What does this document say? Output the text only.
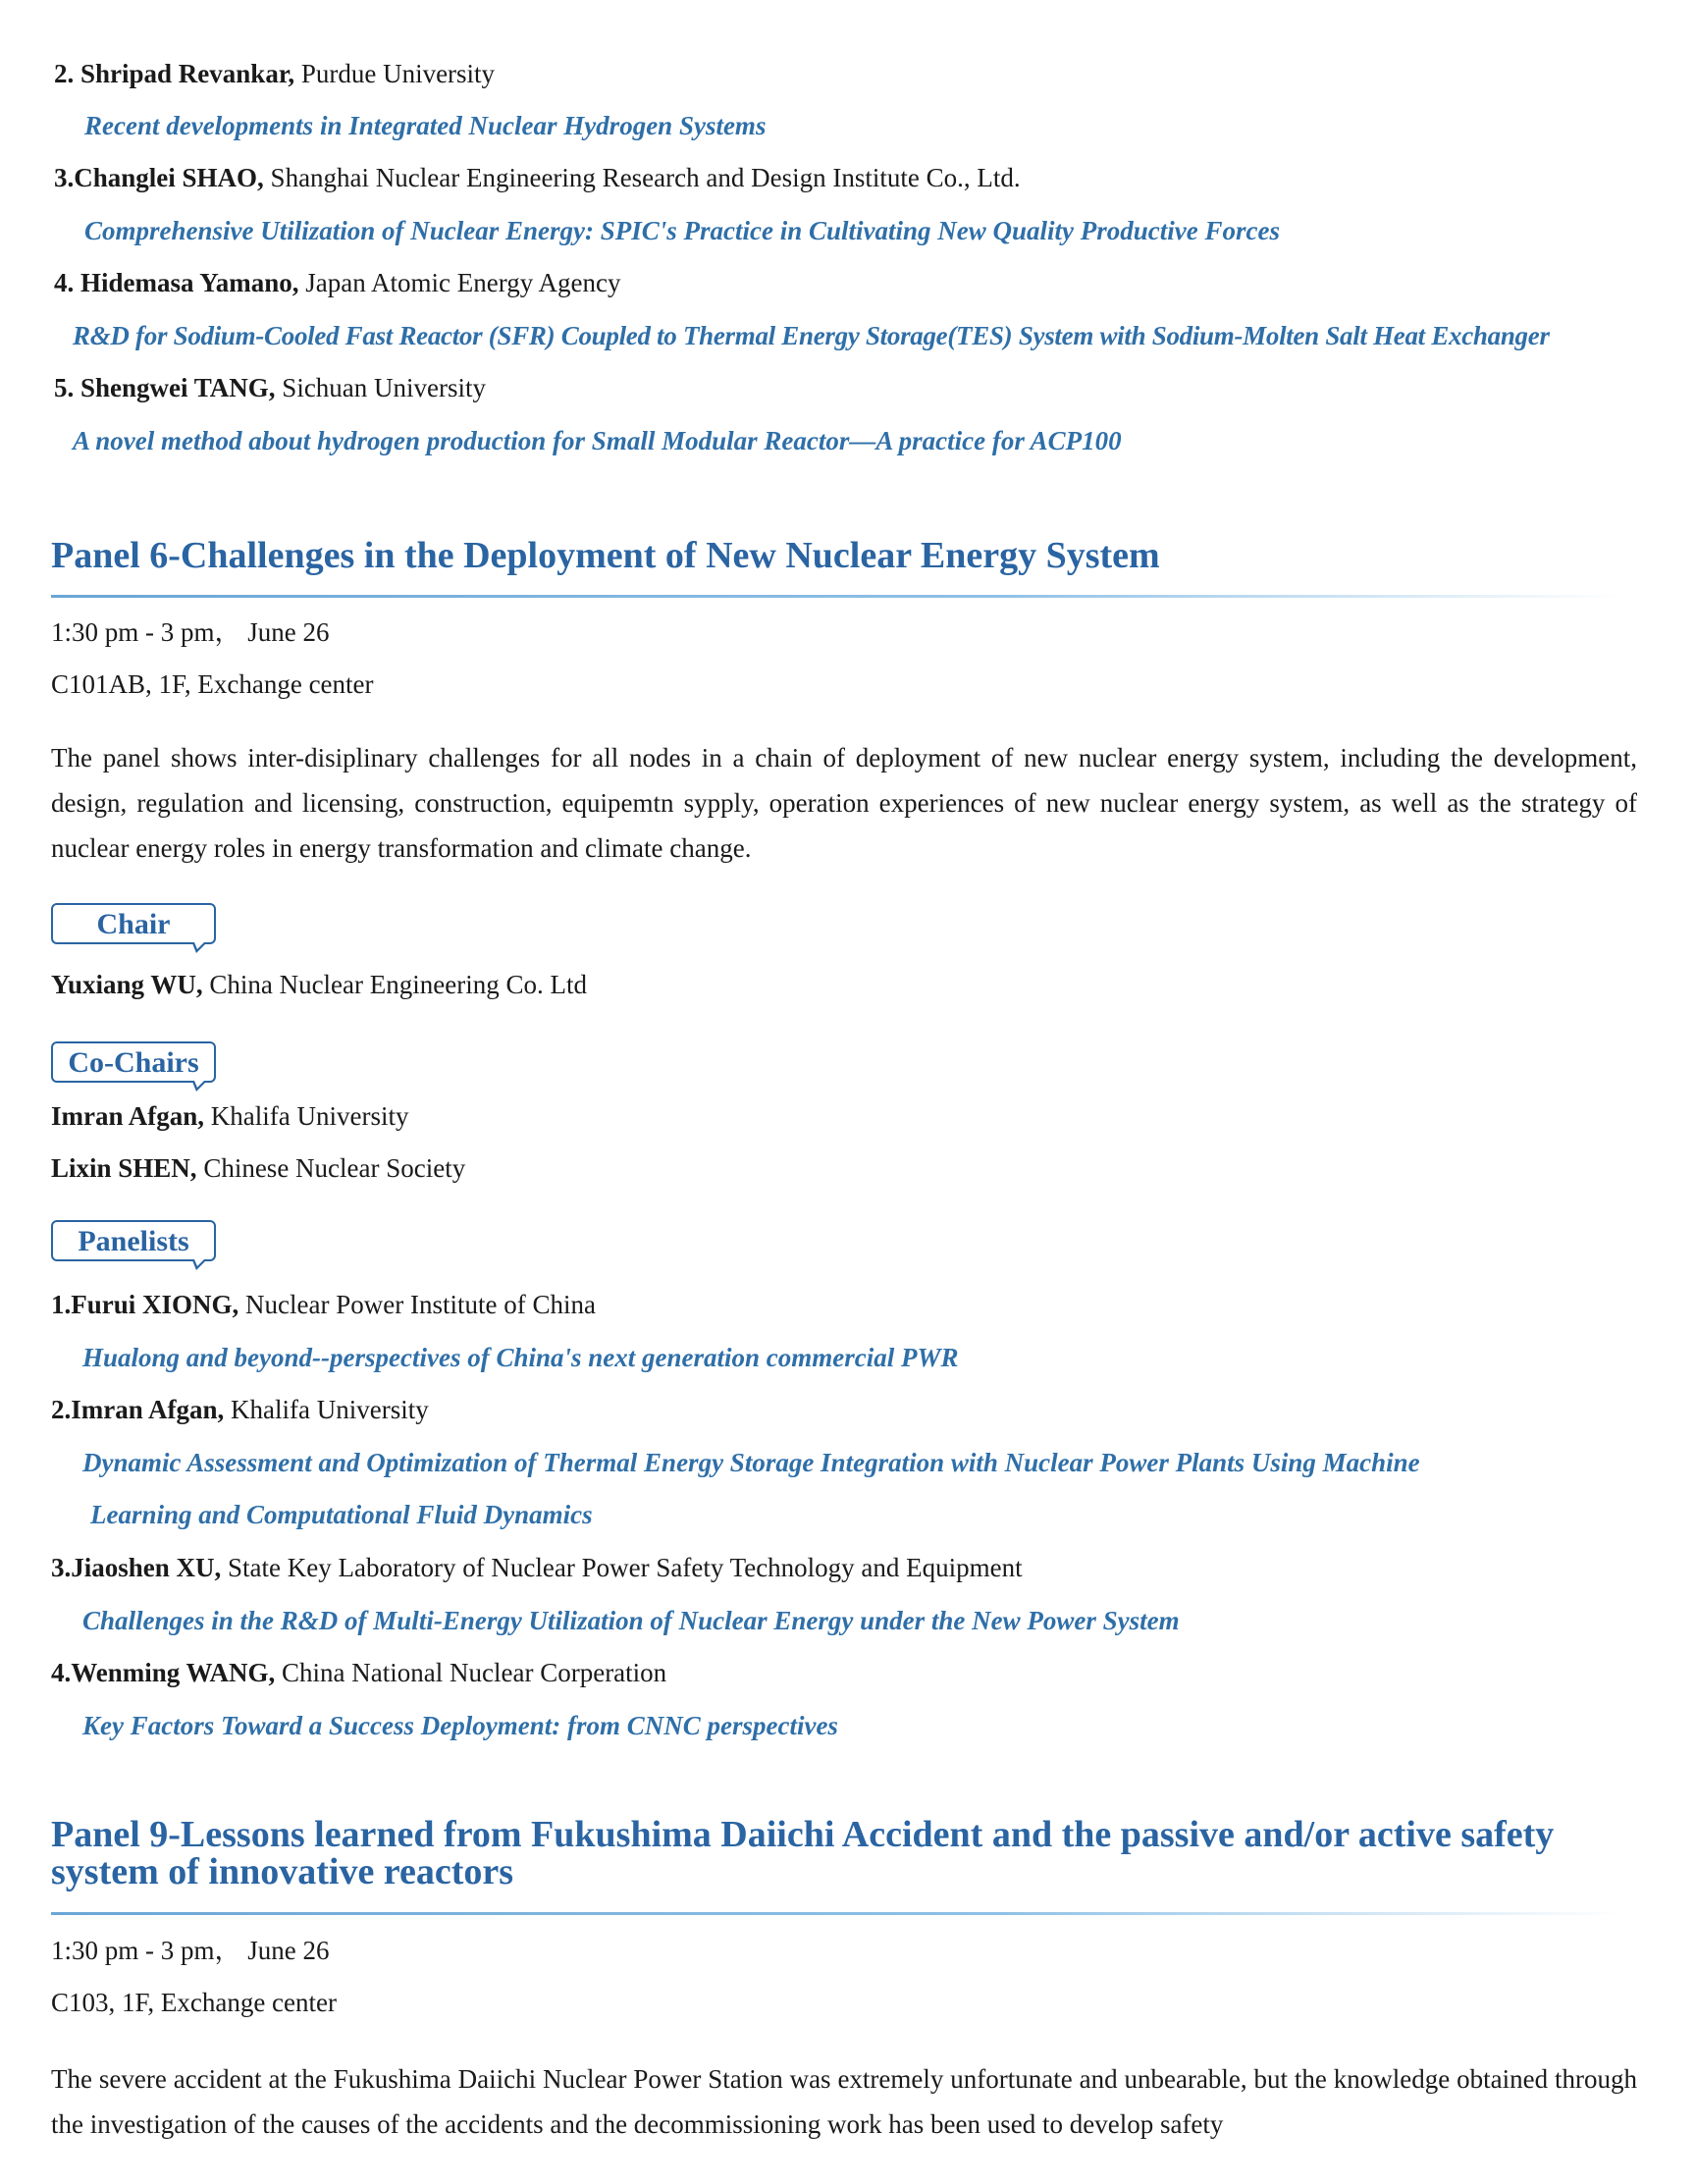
2. Shripad Revankar, Purdue University
Recent developments in Integrated Nuclear Hydrogen Systems
3.Changlei SHAO, Shanghai Nuclear Engineering Research and Design Institute Co., Ltd.
Comprehensive Utilization of Nuclear Energy: SPIC's Practice in Cultivating New Quality Productive Forces
4. Hidemasa Yamano, Japan Atomic Energy Agency
R&D for Sodium-Cooled Fast Reactor (SFR) Coupled to Thermal Energy Storage(TES) System with Sodium-Molten Salt Heat Exchanger
5. Shengwei TANG, Sichuan University
A novel method about hydrogen production for Small Modular Reactor—A practice for ACP100
Panel 6-Challenges in the Deployment of New Nuclear Energy System
1:30 pm - 3 pm， June 26
C101AB, 1F, Exchange center
The panel shows inter-disiplinary challenges for all nodes in a chain of deployment of new nuclear energy system, including the development, design, regulation and licensing, construction, equipemtn sypply, operation experiences of new nuclear energy system, as well as the strategy of nuclear energy roles in energy transformation and climate change.
Chair
Yuxiang WU, China Nuclear Engineering Co. Ltd
Co-Chairs
Imran Afgan, Khalifa University
Lixin SHEN, Chinese Nuclear Society
Panelists
1.Furui XIONG, Nuclear Power Institute of China
Hualong and beyond--perspectives of China's next generation commercial PWR
2.Imran Afgan, Khalifa University
Dynamic Assessment and Optimization of Thermal Energy Storage Integration with Nuclear Power Plants Using Machine
Learning and Computational Fluid Dynamics
3.Jiaoshen XU, State Key Laboratory of Nuclear Power Safety Technology and Equipment
Challenges in the R&D of Multi-Energy Utilization of Nuclear Energy under the New Power System
4.Wenming WANG, China National Nuclear Corperation
Key Factors Toward a Success Deployment: from CNNC perspectives
Panel 9-Lessons learned from Fukushima Daiichi Accident and the passive and/or active safety
system of innovative reactors
1:30 pm - 3 pm， June 26
C103, 1F, Exchange center
The severe accident at the Fukushima Daiichi Nuclear Power Station was extremely unfortunate and unbearable, but the knowledge obtained through the investigation of the causes of the accidents and the decommissioning work has been used to develop safety
